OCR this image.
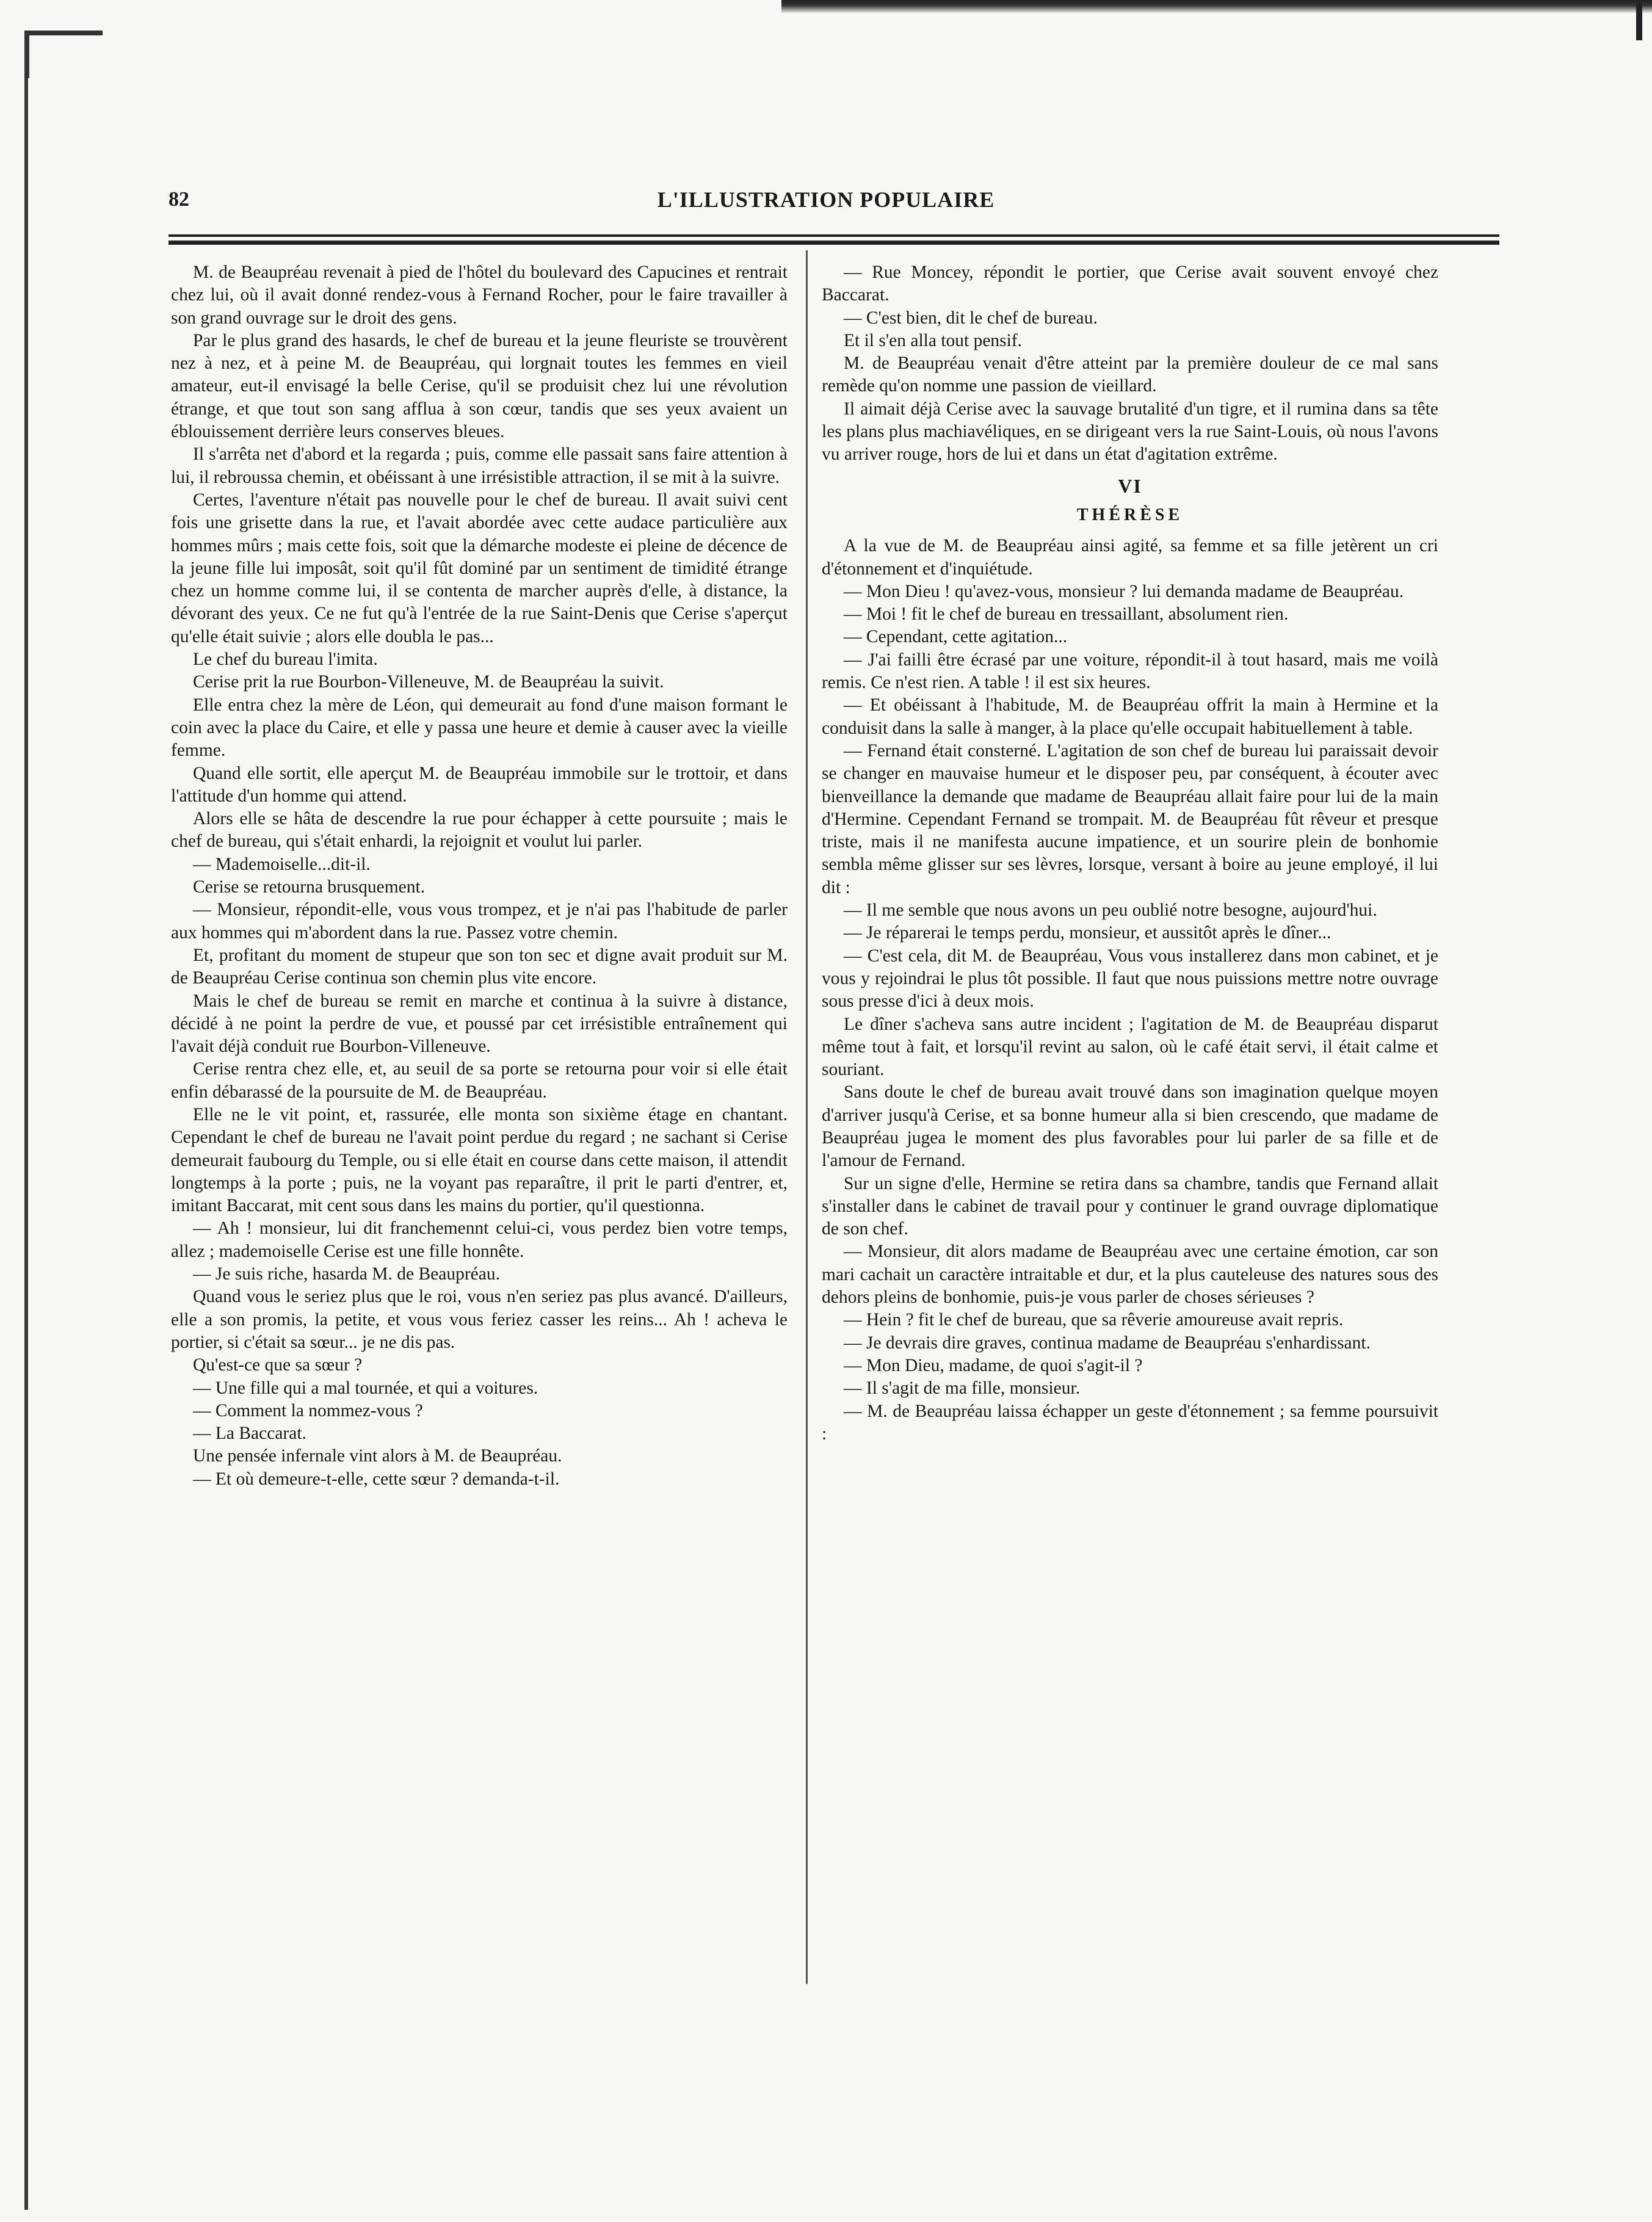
82	L'ILLUSTRATION POPULAIRE

M. de Beaupréau revenait à pied de l'hôtel du boulevard des Capucines et rentrait chez lui, où il avait donné rendez-vous à Fernand Rocher, pour le faire travailler à son grand ouvrage sur le droit des gens.

Par le plus grand des hasards, le chef de bureau et la jeune fleuriste se trouvèrent nez à nez, et à peine M. de Beaupréau, qui lorgnait toutes les femmes en vieil amateur, eut-il envisagé la belle Cerise, qu'il se produisit chez lui une révolution étrange, et que tout son sang afflua à son cœur, tandis que ses yeux avaient un éblouissement derrière leurs conserves bleues.

Il s'arrêta net d'abord et la regarda ; puis, comme elle passait sans faire attention à lui, il rebroussa chemin, et obéissant à une irrésistible attraction, il se mit à la suivre.

Certes, l'aventure n'était pas nouvelle pour le chef de bureau. Il avait suivi cent fois une grisette dans la rue, et l'avait abordée avec cette audace particulière aux hommes mûrs ; mais cette fois, soit que la démarche modeste ei pleine de décence de la jeune fille lui imposât, soit qu'il fût dominé par un sentiment de timidité étrange chez un homme comme lui, il se contenta de marcher auprès d'elle, à distance, la dévorant des yeux. Ce ne fut qu'à l'entrée de la rue Saint-Denis que Cerise s'aperçut qu'elle était suivie ; alors elle doubla le pas...

Le chef du bureau l'imita.

Cerise prit la rue Bourbon-Villeneuve, M. de Beaupréau la suivit.

Elle entra chez la mère de Léon, qui demeurait au fond d'une maison formant le coin avec la place du Caire, et elle y passa une heure et demie à causer avec la vieille femme.

Quand elle sortit, elle aperçut M. de Beaupréau immobile sur le trottoir, et dans l'attitude d'un homme qui attend.

Alors elle se hâta de descendre la rue pour échapper à cette poursuite ; mais le chef de bureau, qui s'était enhardi, la rejoignit et voulut lui parler.

— Mademoiselle...dit-il.

Cerise se retourna brusquement.

— Monsieur, répondit-elle, vous vous trompez, et je n'ai pas l'habitude de parler aux hommes qui m'abordent dans la rue. Passez votre chemin.

Et, profitant du moment de stupeur que son ton sec et digne avait produit sur M. de Beaupréau Cerise continua son chemin plus vite encore.

Mais le chef de bureau se remit en marche et continua à la suivre à distance, décidé à ne point la perdre de vue, et poussé par cet irrésistible entraînement qui l'avait déjà conduit rue Bourbon-Villeneuve.

Cerise rentra chez elle, et, au seuil de sa porte se retourna pour voir si elle était enfin débarassé de la poursuite de M. de Beaupréau.

Elle ne le vit point, et, rassurée, elle monta son sixième étage en chantant. Cependant le chef de bureau ne l'avait point perdue du regard ; ne sachant si Cerise demeurait faubourg du Temple, ou si elle était en course dans cette maison, il attendit longtemps à la porte ; puis, ne la voyant pas reparaître, il prit le parti d'entrer, et, imitant Baccarat, mit cent sous dans les mains du portier, qu'il questionna.

— Ah ! monsieur, lui dit franchemennt celui-ci, vous perdez bien votre temps, allez ; mademoiselle Cerise est une fille honnête.

— Je suis riche, hasarda M. de Beaupréau.

Quand vous le seriez plus que le roi, vous n'en seriez pas plus avancé. D'ailleurs, elle a son promis, la petite, et vous vous feriez casser les reins... Ah ! acheva le portier, si c'était sa sœur... je ne dis pas.

Qu'est-ce que sa sœur ?

— Une fille qui a mal tournée, et qui a voitures.

— Comment la nommez-vous ?

— La Baccarat.

Une pensée infernale vint alors à M. de Beaupréau.

— Et où demeure-t-elle, cette sœur ? demanda-t-il.

— Rue Moncey, répondit le portier, que Cerise avait souvent envoyé chez Baccarat.

— C'est bien, dit le chef de bureau.

Et il s'en alla tout pensif.

M. de Beaupréau venait d'être atteint par la première douleur de ce mal sans remède qu'on nomme une passion de vieillard.

Il aimait déjà Cerise avec la sauvage brutalité d'un tigre, et il rumina dans sa tête les plans plus machiavéliques, en se dirigeant vers la rue Saint-Louis, où nous l'avons vu arriver rouge, hors de lui et dans un état d'agitation extrême.

VI
THÉRÈSE

A la vue de M. de Beaupréau ainsi agité, sa femme et sa fille jetèrent un cri d'étonnement et d'inquiétude.

— Mon Dieu ! qu'avez-vous, monsieur ? lui demanda madame de Beaupréau.

— Moi ! fit le chef de bureau en tressaillant, absolument rien.

— Cependant, cette agitation...

— J'ai failli être écrasé par une voiture, répondit-il à tout hasard, mais me voilà remis. Ce n'est rien. A table ! il est six heures.

— Et obéissant à l'habitude, M. de Beaupréau offrit la main à Hermine et la conduisit dans la salle à manger, à la place qu'elle occupait habituellement à table.

— Fernand était consterné. L'agitation de son chef de bureau lui paraissait devoir se changer en mauvaise humeur et le disposer peu, par conséquent, à écouter avec bienveillance la demande que madame de Beaupréau allait faire pour lui de la main d'Hermine. Cependant Fernand se trompait. M. de Beaupréau fût rêveur et presque triste, mais il ne manifesta aucune impatience, et un sourire plein de bonhomie sembla même glisser sur ses lèvres, lorsque, versant à boire au jeune employé, il lui dit :

— Il me semble que nous avons un peu oublié notre besogne, aujourd'hui.

— Je réparerai le temps perdu, monsieur, et aussitôt après le dîner...

— C'est cela, dit M. de Beaupréau, Vous vous installerez dans mon cabinet, et je vous y rejoindrai le plus tôt possible. Il faut que nous puissions mettre notre ouvrage sous presse d'ici à deux mois.

Le dîner s'acheva sans autre incident ; l'agitation de M. de Beaupréau disparut même tout à fait, et lorsqu'il revint au salon, où le café était servi, il était calme et souriant.

Sans doute le chef de bureau avait trouvé dans son imagination quelque moyen d'arriver jusqu'à Cerise, et sa bonne humeur alla si bien crescendo, que madame de Beaupréau jugea le moment des plus favorables pour lui parler de sa fille et de l'amour de Fernand.

Sur un signe d'elle, Hermine se retira dans sa chambre, tandis que Fernand allait s'installer dans le cabinet de travail pour y continuer le grand ouvrage diplomatique de son chef.

— Monsieur, dit alors madame de Beaupréau avec une certaine émotion, car son mari cachait un caractère intraitable et dur, et la plus cauteleuse des natures sous des dehors pleins de bonhomie, puis-je vous parler de choses sérieuses ?

— Hein ? fit le chef de bureau, que sa rêverie amoureuse avait repris.

— Je devrais dire graves, continua madame de Beaupréau s'enhardissant.

— Mon Dieu, madame, de quoi s'agit-il ?

— Il s'agit de ma fille, monsieur.

— M. de Beaupréau laissa échapper un geste d'étonnement ; sa femme poursuivit :
